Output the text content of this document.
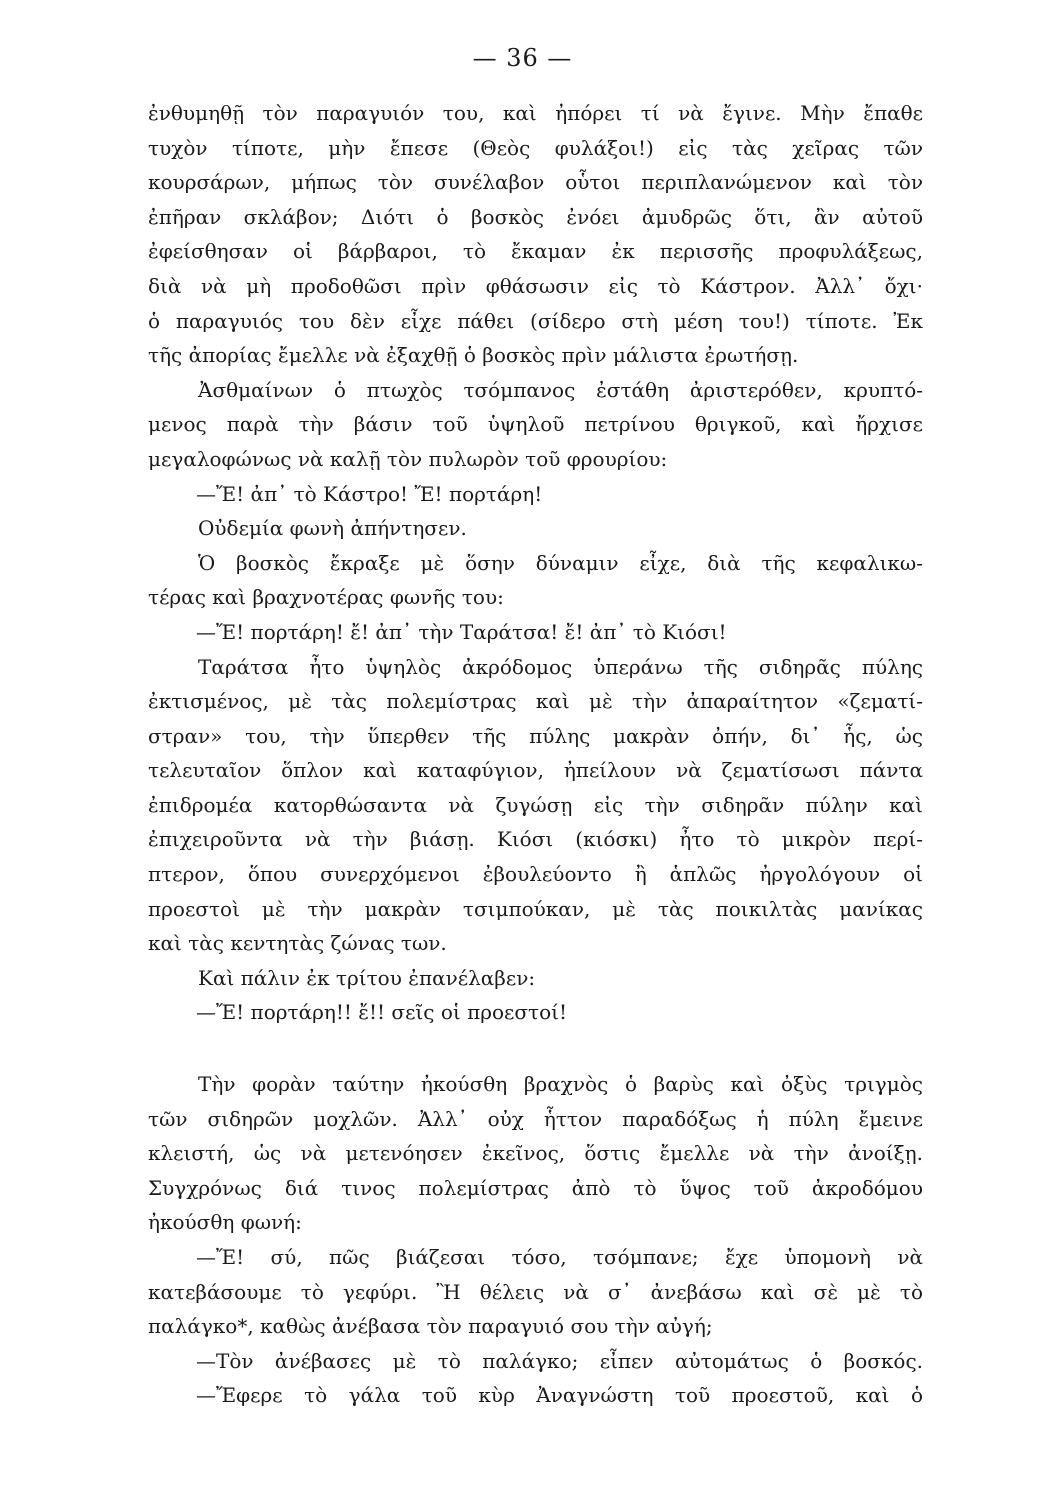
— 36 —
ἐνθυμηθῇ τὸν παραγυιόν του, καὶ ἠπόρει τί νὰ ἔγινε. Μὴν ἔπαθε
τυχὸν τίποτε, μὴν ἔπεσε (Θεὸς φυλάξοι!) εἰς τὰς χεῖρας τῶν
κουρσάρων, μήπως τὸν συνέλαβον οὗτοι περιπλανώμενον καὶ τὸν
ἐπῆραν σκλάβον; Διότι ὁ βοσκὸς ἐνόει ἀμυδρῶς ὅτι, ἂν αὐτοῦ
ἐφείσθησαν οἱ βάρβαροι, τὸ ἔκαμαν ἐκ περισσῆς προφυλάξεως,
διὰ νὰ μὴ προδοθῶσι πρὶν φθάσωσιν εἰς τὸ Κάστρον. Ἀλλ᾽ ὄχι·
ὁ παραγυιός του δὲν εἶχε πάθει (σίδερο στὴ μέση του!) τίποτε. Ἐκ
τῆς ἀπορίας ἔμελλε νὰ ἐξαχθῇ ὁ βοσκὸς πρὶν μάλιστα ἐρωτήσῃ.
Ἀσθμαίνων ὁ πτωχὸς τσόμπανος ἐστάθη ἀριστερόθεν, κρυπτό-
μενος παρὰ τὴν βάσιν τοῦ ὑψηλοῦ πετρίνου θριγκοῦ, καὶ ἤρχισε
μεγαλοφώνως νὰ καλῇ τὸν πυλωρὸν τοῦ φρουρίου:
—Ἔ! ἀπ᾽ τὸ Κάστρο! Ἔ! πορτάρη!
Οὐδεμία φωνὴ ἀπήντησεν.
Ὁ βοσκὸς ἔκραξε μὲ ὅσην δύναμιν εἶχε, διὰ τῆς κεφαλικω-
τέρας καὶ βραχνοτέρας φωνῆς του:
—Ἔ! πορτάρη! ἔ! ἀπ᾽ τὴν Ταράτσα! ἔ! ἀπ᾽ τὸ Κιόσι!
Ταράτσα ἦτο ὑψηλὸς ἀκρόδομος ὑπεράνω τῆς σιδηρᾶς πύλης
ἐκτισμένος, μὲ τὰς πολεμίστρας καὶ μὲ τὴν ἀπαραίτητον «ζεματί-
στραν» του, τὴν ὕπερθεν τῆς πύλης μακρὰν ὀπήν, δι᾽ ἧς, ὡς
τελευταῖον ὅπλον καὶ καταφύγιον, ἠπείλουν νὰ ζεματίσωσι πάντα
ἐπιδρομέα κατορθώσαντα νὰ ζυγώσῃ εἰς τὴν σιδηρᾶν πύλην καὶ
ἐπιχειροῦντα νὰ τὴν βιάσῃ. Κιόσι (κιόσκι) ἦτο τὸ μικρὸν περί-
πτερον, ὅπου συνερχόμενοι ἐβουλεύοντο ἢ ἁπλῶς ἠργολόγουν οἱ
προεστοὶ μὲ τὴν μακρὰν τσιμπούκαν, μὲ τὰς ποικιλτὰς μανίκας
καὶ τὰς κεντητὰς ζώνας των.
Καὶ πάλιν ἐκ τρίτου ἐπανέλαβεν:
—Ἔ! πορτάρη!! ἔ!! σεῖς οἱ προεστοί!
Τὴν φορὰν ταύτην ἠκούσθη βραχνὸς ὁ βαρὺς καὶ ὀξὺς τριγμὸς
τῶν σιδηρῶν μοχλῶν. Ἀλλ᾽ οὐχ ἧττον παραδόξως ἡ πύλη ἔμεινε
κλειστή, ὡς νὰ μετενόησεν ἐκεῖνος, ὅστις ἔμελλε νὰ τὴν ἀνοίξῃ.
Συγχρόνως διά τινος πολεμίστρας ἀπὸ τὸ ὕψος τοῦ ἀκροδόμου
ἠκούσθη φωνή:
—Ἔ! σύ, πῶς βιάζεσαι τόσο, τσόμπανε; ἔχε ὑπομονὴ νὰ
κατεβάσουμε τὸ γεφύρι. Ἢ θέλεις νὰ σ᾽ ἀνεβάσω καὶ σὲ μὲ τὸ
παλάγκο*, καθὼς ἀνέβασα τὸν παραγυιό σου τὴν αὐγή;
—Τὸν ἀνέβασες μὲ τὸ παλάγκο; εἶπεν αὐτομάτως ὁ βοσκός.
—Ἔφερε τὸ γάλα τοῦ κὺρ Ἀναγνώστη τοῦ προεστοῦ, καὶ ὁ
